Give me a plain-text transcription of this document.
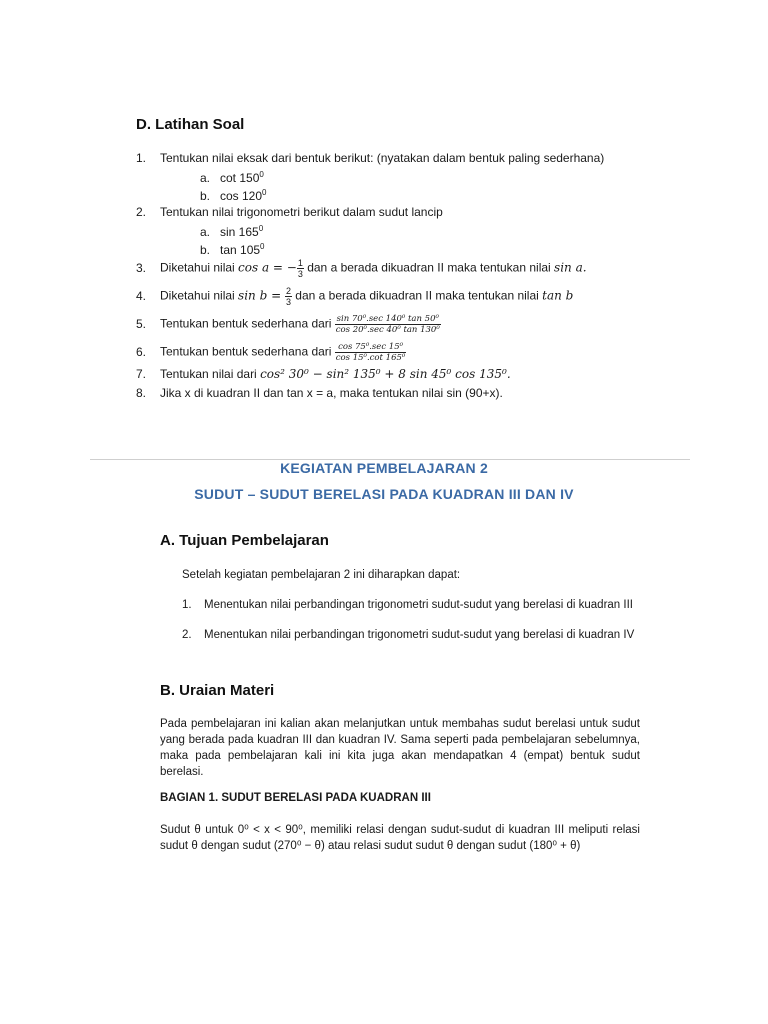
D. Latihan Soal
1. Tentukan nilai eksak dari bentuk berikut: (nyatakan dalam bentuk paling sederhana)
a. $\cot 150^0$
b. $\cos 120^0$
2. Tentukan nilai trigonometri berikut dalam sudut lancip
a. $\sin 165^0$
b. $\tan 105^0$
3. Diketahui nilai cos a = − $\frac{1}{3}$ dan a berada dikuadran II maka tentukan nilai sin a.
4. Diketahui nilai $\sin b = \frac{2}{3}$ dan a berada dikuadran II maka tentukan nilai tan b
5. Tentukan bentuk sederhana dari $\frac{\text{sin 70⁰.sec 140⁰ tan 50⁰}}{\text{cos 20⁰.sec 40⁰ tan 130⁰}}$
6. Tentukan bentuk sederhana dari $\frac{\text{cos 75⁰.sec 15⁰}}{\text{cos 15⁰.cot 165⁰}}$
7. Tentukan nilai dari cos² 30⁰ − sin² 135⁰ + 8 sin 45⁰ cos 135⁰.
8. Jika x di kuadran II dan tan x = a, maka tentukan nilai sin (90+x).
KEGIATAN PEMBELAJARAN 2
SUDUT – SUDUT BERELASI PADA KUADRAN III DAN IV
A. Tujuan Pembelajaran
Setelah kegiatan pembelajaran 2 ini diharapkan dapat:
1. Menentukan nilai perbandingan trigonometri sudut-sudut yang berelasi di kuadran III
2. Menentukan nilai perbandingan trigonometri sudut-sudut yang berelasi di kuadran IV
B. Uraian Materi
Pada pembelajaran ini kalian akan melanjutkan untuk membahas sudut berelasi untuk sudut yang berada pada kuadran III dan kuadran IV. Sama seperti pada pembelajaran sebelumnya, maka pada pembelajaran kali ini kita juga akan mendapatkan 4 (empat) bentuk sudut berelasi.
BAGIAN 1. SUDUT BERELASI PADA KUADRAN III
Sudut θ untuk 0⁰ < x < 90⁰, memiliki relasi dengan sudut-sudut di kuadran III meliputi relasi sudut θ dengan sudut (270⁰ − θ) atau relasi sudut sudut θ dengan sudut (180⁰ + θ)
